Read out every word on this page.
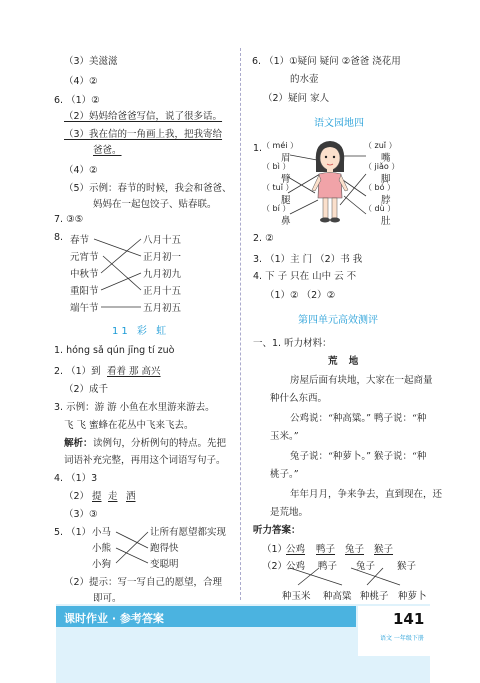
（3）美滋滋
（4）②
6. （1）②
（2）妈妈给爸爸写信，说了很多话。
（3）我在信的一角画上我，把我寄给
爸爸。
（4）②
（5）示例：春节的时候，我会和爸爸、
妈妈在一起包饺子、贴春联。
7. ③⑤
8. 春节
元宵节
中秋节
重阳节
端午节
八月十五
正月初一
九月初九
正月十五
五月初五
11 彩 虹
1. hóng sǎ qún jīng tí zuò
2. （1）到 看着 那 高兴
（2）成千
3. 示例：游 游 小鱼在水里游来游去。
飞 飞 蜜蜂在花丛中飞来飞去。
解析： 读例句，分析例句的特点。先把
词语补充完整，再用这个词语写句子。
4. （1）3
（2） 提 走 洒
（3）③
5. （1） 小马
小熊
小狗
让所有愿望都实现
跑得快
变聪明
（2）提示：写一写自己的愿望，合理
即可。
6. （1）①疑问 疑问 ②爸爸 浇花用
的水壶
（2）疑问 家人
语文园地四
1. （ méi ）
眉
（ bì ）
臂
（ tuǐ ）
腿
（ bí ）
鼻
（ zuǐ ）
嘴
（ jiǎo ）
脚
（ bó ）
脖
（ dù ）
肚
2. ②
3. （1）主 门 （2）书 我
4. 下 子 只在 山中 云 不
（1）② （2）②
第四单元高效测评
一、1. 听力材料：
荒 地
房屋后面有块地，大家在一起商量
种什么东西。
公鸡说：“种高粱。” 鸭子说：“种
玉米。”
兔子说：“种萝卜。” 猴子说：“种
桃子。”
年年月月，争来争去，直到现在，还
是荒地。
听力答案：
（1）
公鸡 鸭子 兔子 猴子
（2）
公鸡 鸭子 兔子 猴子
种玉米 种高粱 种桃子 种萝卜
课时作业 · 参考答案	141
语文 一年级下册
